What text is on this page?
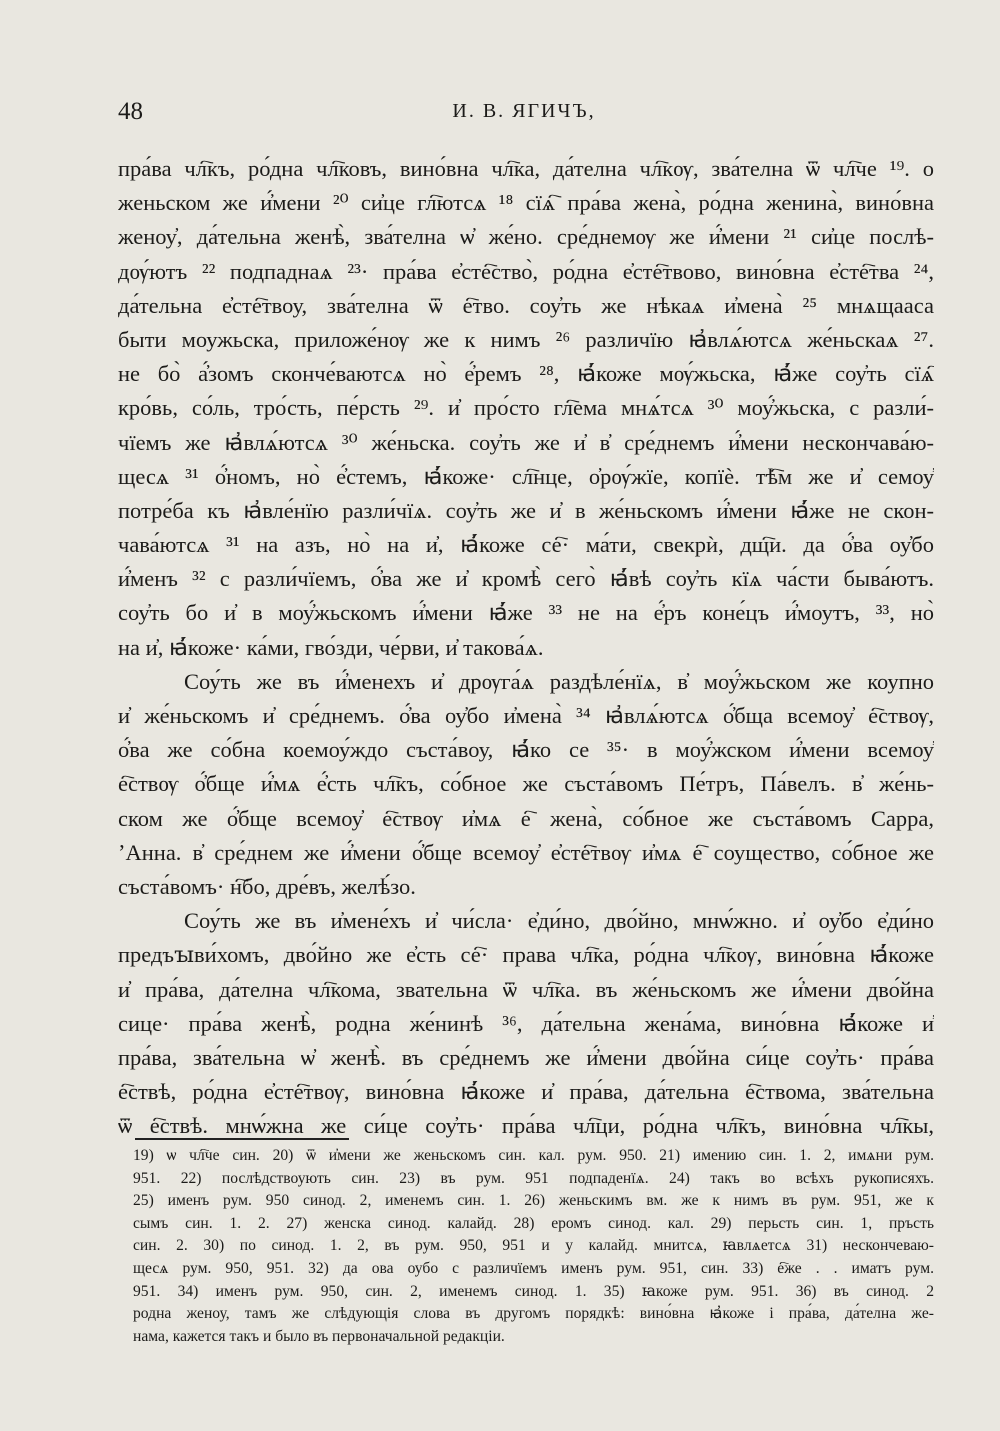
48	И. В. ЯГИЧЪ,
пра́ва чл҇къ, ро́дна чл҇ковъ, вино́вна чл҇ка, да́телна чл҇кѹ, зва́телна ѿ чл҇че ¹⁹. о
женьском же и҆́мени ²⁰ си҆це гл҇ютсѧ ¹⁸ сїѧ҇ пра́ва жена̀, ро́дна женина̀, вино́вна
женоу҆, да́тельна женѣ̀, зва́телна ѡ҆ же́но. сре́днемѹ же и҆́мени ²¹ си҆це послѣ-
дѹ́ютъ ²² подпаднаѧ ²³· пра́ва е҆сте҇ство̀, ро́дна е҆сте҇твово, вино́вна е҆сте҇тва ²⁴,
да́тельна е҆сте҇твоу, зва́телна ѿ е҇тво. соу҆ть же нѣкаѧ и҆мена̀ ²⁵ мнѧщааса
быти моужьска, приложе́нѹ же к нимъ ²⁶ различїю ꙗ҆влѧ́ютсѧ же́ньскаѧ ²⁷.
не бо̀ а҆́зомъ сконче́ваютсѧ но̀ е҆́ремъ ²⁸, ꙗ҆́коже мѹ́жьска, ꙗ҆́же соу҆ть сїѧ҇
кро́вь, со́ль, тро́сть, пе́рсть ²⁹. и҆ про́сто гл҇ема мнѧ́тсѧ ³⁰ моу҆́жьска, с разли́-
чїемъ же ꙗ҆влѧ́ютсѧ ³⁰ же́ньска. соу҆ть же и҆ в҆ сре́днемъ и҆́мени нескончава́ю-
щесѧ ³¹ о҆́номъ, но̀ е҆́стемъ, ꙗ҆́коже· сл҇нце, о҆рѹ́жїе, копїѐ. тѣ҇м же и҆ семоу҆
потре́ба къ ꙗ҆вле́нїю разли́чїѧ. соу҆ть же и҆ в же́ньскомъ и҆́мени ꙗ҆́же не скон-
чава́ютсѧ ³¹ на азъ, но̀ на и҆, ꙗ҆́коже се҇· ма́ти, свекрѝ, дщ҇и. да о҆́ва оу҆бо
и҆́менъ ³² с разли́чїемъ, о҆́ва же и҆ кромѣ̀ сего̀ ꙗ҆́вѣ соу҆ть кїѧ ча́сти быва́ютъ.
соу҆ть бо и҆ в моу҆́жьскомъ и҆́мени ꙗ҆́же ³³ не на е҆́ръ коне́цъ и҆́моутъ, ³³, но̀
на и҆, ꙗ҆́коже· ка́ми, гво́зди, че́рви, и҆ такова́ѧ.
Соу́ть же въ и҆́менехъ и҆ дрѹга́ѧ раздѣле́нїѧ, в҆ моу҆́жьском же коупно
и҆ же́ньскомъ и҆ сре́днемъ. о҆́ва оу҆бо и҆мена̀ ³⁴ ꙗ҆влѧ́ютсѧ о҆́бща всемоу҆ е҇ствѹ,
о҆́ва же со́бна коемоу́ждо съста́воу, ꙗ҆́ко се ³⁵· в моу҆́жском и҆́мени всемоу҆
е҇ствѹ о҆́бще и҆́мѧ е҆́сть чл҇къ, со́бное же съста́вомъ Пе́тръ, Па́велъ. в҆ же́нь-
ском же о҆́бще всемоу҆ е҇ствѹ и҆мѧ е҇ жена̀, со́бное же съста́вомъ Сарра,
ʼАнна. в҆ сре́днем же и҆́мени о҆́бще всемоу҆ е҆сте҇твѹ и҆мѧ е҇ соущество, со́бное же
съста́вомъ· н҇бо, дре́въ, желѣ́зо.
Соу́ть же въ и҆мене́хъ и҆ чи́сла· е҆ди́но, дво́йно, мнѡ́жно. и҆ оу҆бо е҆ди́но
предъꙑви́хомъ, дво́йно же е҆сть се҇· права чл҇ка, ро́дна чл҇кѹ, вино́вна ꙗ҆́коже
и҆ пра́ва, да́телна чл҇кома, звательна ѿ чл҇ка. въ же́ньскомъ же и҆́мени дво́йна
сице· пра́ва женѣ̀, родна же́нинѣ ³⁶, да́тельна жена́ма, вино́вна ꙗ҆́коже и҆
пра́ва, зва́тельна ѡ҆ женѣ̀. въ сре́днемъ же и҆́мени дво́йна си́це соу҆ть· пра́ва
е҇ствѣ, ро́дна е҆сте҇твѹ, вино́вна ꙗ҆́коже и҆ пра́ва, да́тельна е҇ствома, зва́тельна
ѿ е҇ствѣ. мнѡ́жна же си́це соу҆ть· пра́ва чл҇ци, ро́дна чл҇къ, вино́вна чл҇кы,
19) ѡ чл҇че син. 20) ѿ и҆мени же женьскомъ син. кал. рум. 950. 21) имению син. 1. 2, имѧни рум.
951. 22) послѣдствоують син. 23) въ рум. 951 подпаденїѧ. 24) такъ во всѣхъ рукописяхъ.
25) именъ рум. 950 синод. 2, именемъ син. 1. 26) женьскимъ вм. же к нимъ въ рум. 951, же к
сымъ син. 1. 2. 27) женска синод. калайд. 28) еромъ синод. кал. 29) перьсть син. 1, пръсть
син. 2. 30) по синод. 1. 2, въ рум. 950, 951 и у калайд. мнитсѧ, ꙗвлѧетсѧ 31) нескончеваю-
щесѧ рум. 950, 951. 32) да ова оубо с различїемъ именъ рум. 951, син. 33) е҇же . . иматъ рум.
951. 34) именъ рум. 950, син. 2, именемъ синод. 1. 35) ꙗкоже рум. 951. 36) въ синод. 2
родна женоу, тамъ же слѣдующія слова въ другомъ порядкѣ: вино́вна ꙗ҆коже і пра́ва, да́телна же-
нама, кажется такъ и было въ первоначальной редакціи.
